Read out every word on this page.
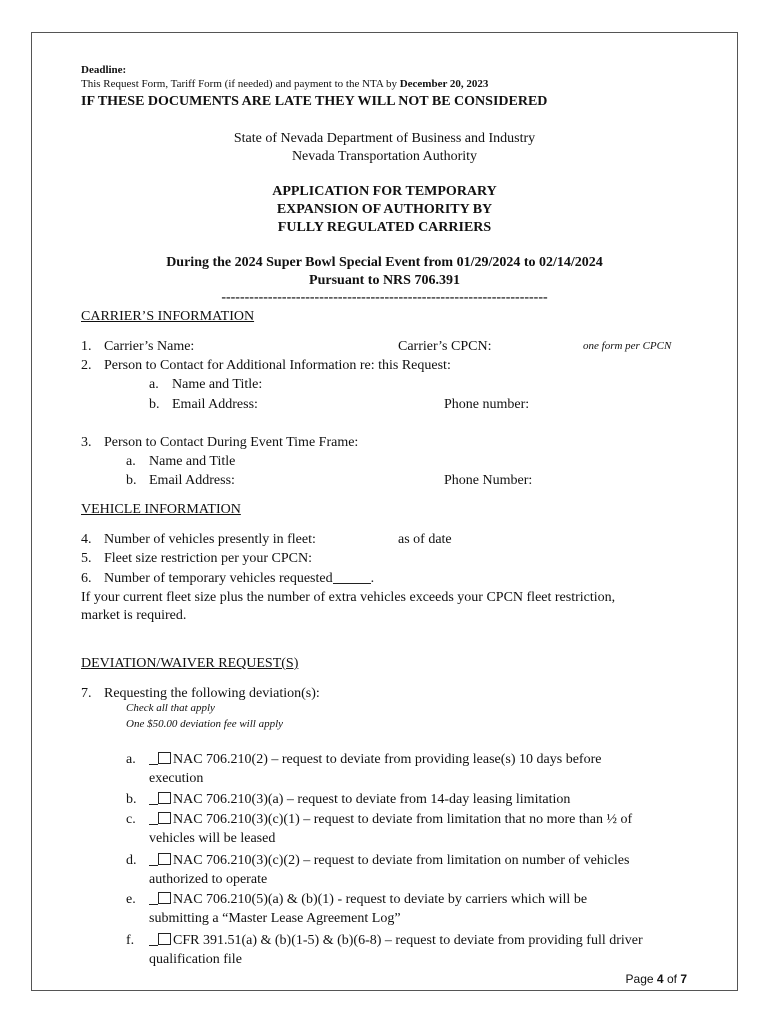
Deadline:
This Request Form, Tariff Form (if needed) and payment to the NTA by December 20, 2023
IF THESE DOCUMENTS ARE LATE THEY WILL NOT BE CONSIDERED
State of Nevada Department of Business and Industry
Nevada Transportation Authority
APPLICATION FOR TEMPORARY
EXPANSION OF AUTHORITY BY
FULLY REGULATED CARRIERS
During the 2024 Super Bowl Special Event from 01/29/2024 to 02/14/2024
Pursuant to NRS 706.391
----------------------------------------------------------------------
CARRIER’S INFORMATION
1. Carrier’s Name:	Carrier’s CPCN:	one form per CPCN
2. Person to Contact for Additional Information re: this Request:
a. Name and Title:
b. Email Address:	Phone number:
3. Person to Contact During Event Time Frame:
a. Name and Title
b. Email Address:	Phone Number:
VEHICLE INFORMATION
4. Number of vehicles presently in fleet:	as of date
5. Fleet size restriction per your CPCN:
6. Number of temporary vehicles requested	.
If your current fleet size plus the number of extra vehicles exceeds your CPCN fleet restriction,
market is required.
DEVIATION/WAIVER REQUEST(S)
7. Requesting the following deviation(s):
Check all that apply
One $50.00 deviation fee will apply
a.	NAC 706.210(2) – request to deviate from providing lease(s) 10 days before
execution
b.	NAC 706.210(3)(a) – request to deviate from 14-day leasing limitation
c.	NAC 706.210(3)(c)(1) – request to deviate from limitation that no more than ½ of
vehicles will be leased
d.	NAC 706.210(3)(c)(2) – request to deviate from limitation on number of vehicles
authorized to operate
e.	NAC 706.210(5)(a) & (b)(1) - request to deviate by carriers which will be
submitting a “Master Lease Agreement Log”
f.	CFR 391.51(a) & (b)(1-5) & (b)(6-8) – request to deviate from providing full driver
qualification file
Page 4 of 7
